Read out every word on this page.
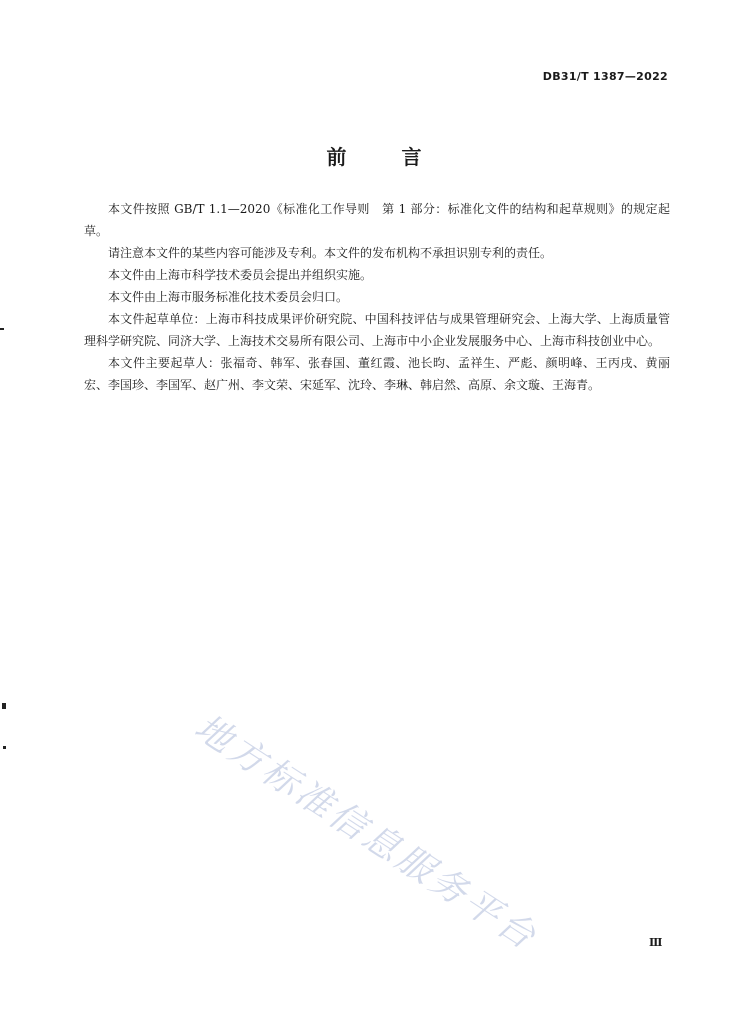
DB31/T 1387—2022
前 言

本文件按照 GB/T 1.1—2020《标准化工作导则　第 1 部分：标准化文件的结构和起草规则》的规定起草。

请注意本文件的某些内容可能涉及专利。本文件的发布机构不承担识别专利的责任。

本文件由上海市科学技术委员会提出并组织实施。

本文件由上海市服务标准化技术委员会归口。

本文件起草单位：上海市科技成果评价研究院、中国科技评估与成果管理研究会、上海大学、上海质量管理科学研究院、同济大学、上海技术交易所有限公司、上海市中小企业发展服务中心、上海市科技创业中心。

本文件主要起草人：张福奇、韩军、张春国、董红霞、池长昀、孟祥生、严彪、颜明峰、王丙戌、黄丽宏、李国珍、李国军、赵广州、李文荣、宋延军、沈玲、李琳、韩启然、高原、余文璇、王海青。

地方标准信息服务平台	Ⅲ
